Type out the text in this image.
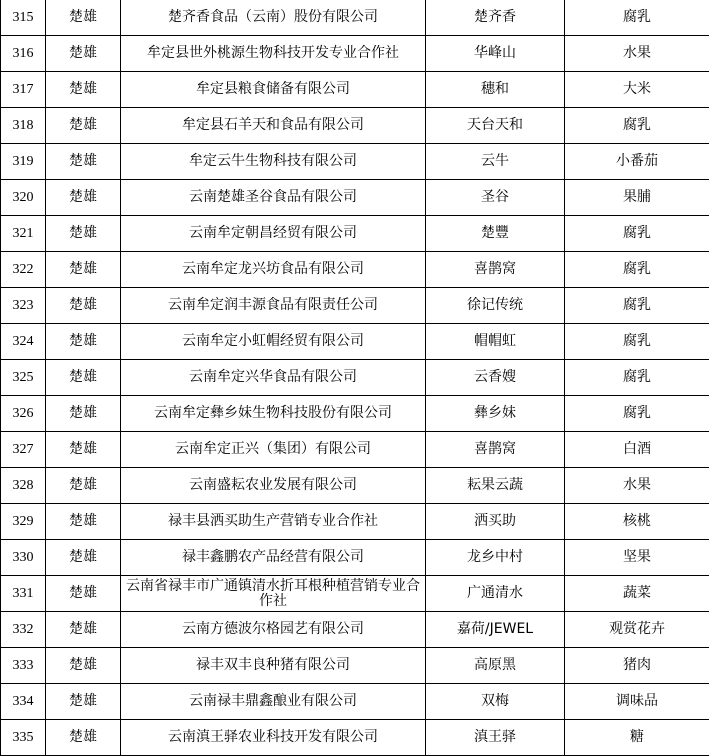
315	楚雄	楚齐香食品（云南）股份有限公司	楚齐香	腐乳
316	楚雄	牟定县世外桃源生物科技开发专业合作社	华峰山	水果
317	楚雄	牟定县粮食储备有限公司	穗和	大米
318	楚雄	牟定县石羊天和食品有限公司	天台天和	腐乳
319	楚雄	牟定云牛生物科技有限公司	云牛	小番茄
320	楚雄	云南楚雄圣谷食品有限公司	圣谷	果脯
321	楚雄	云南牟定朝昌经贸有限公司	楚豐	腐乳
322	楚雄	云南牟定龙兴坊食品有限公司	喜鹊窝	腐乳
323	楚雄	云南牟定润丰源食品有限责任公司	徐记传统	腐乳
324	楚雄	云南牟定小虹帽经贸有限公司	帽帽虹	腐乳
325	楚雄	云南牟定兴华食品有限公司	云香嫂	腐乳
326	楚雄	云南牟定彝乡妹生物科技股份有限公司	彝乡妹	腐乳
327	楚雄	云南牟定正兴（集团）有限公司	喜鹊窝	白酒
328	楚雄	云南盛耘农业发展有限公司	耘果云蔬	水果
329	楚雄	禄丰县洒买助生产营销专业合作社	洒买助	核桃
330	楚雄	禄丰鑫鹏农产品经营有限公司	龙乡中村	坚果
331	楚雄	云南省禄丰市广通镇清水折耳根种植营销专业合作社	广通清水	蔬菜
332	楚雄	云南方德波尔格园艺有限公司	嘉荷/JEWEL	观赏花卉
333	楚雄	禄丰双丰良种猪有限公司	高原黑	猪肉
334	楚雄	云南禄丰鼎鑫酿业有限公司	双梅	调味品
335	楚雄	云南滇王驿农业科技开发有限公司	滇王驿	糖
